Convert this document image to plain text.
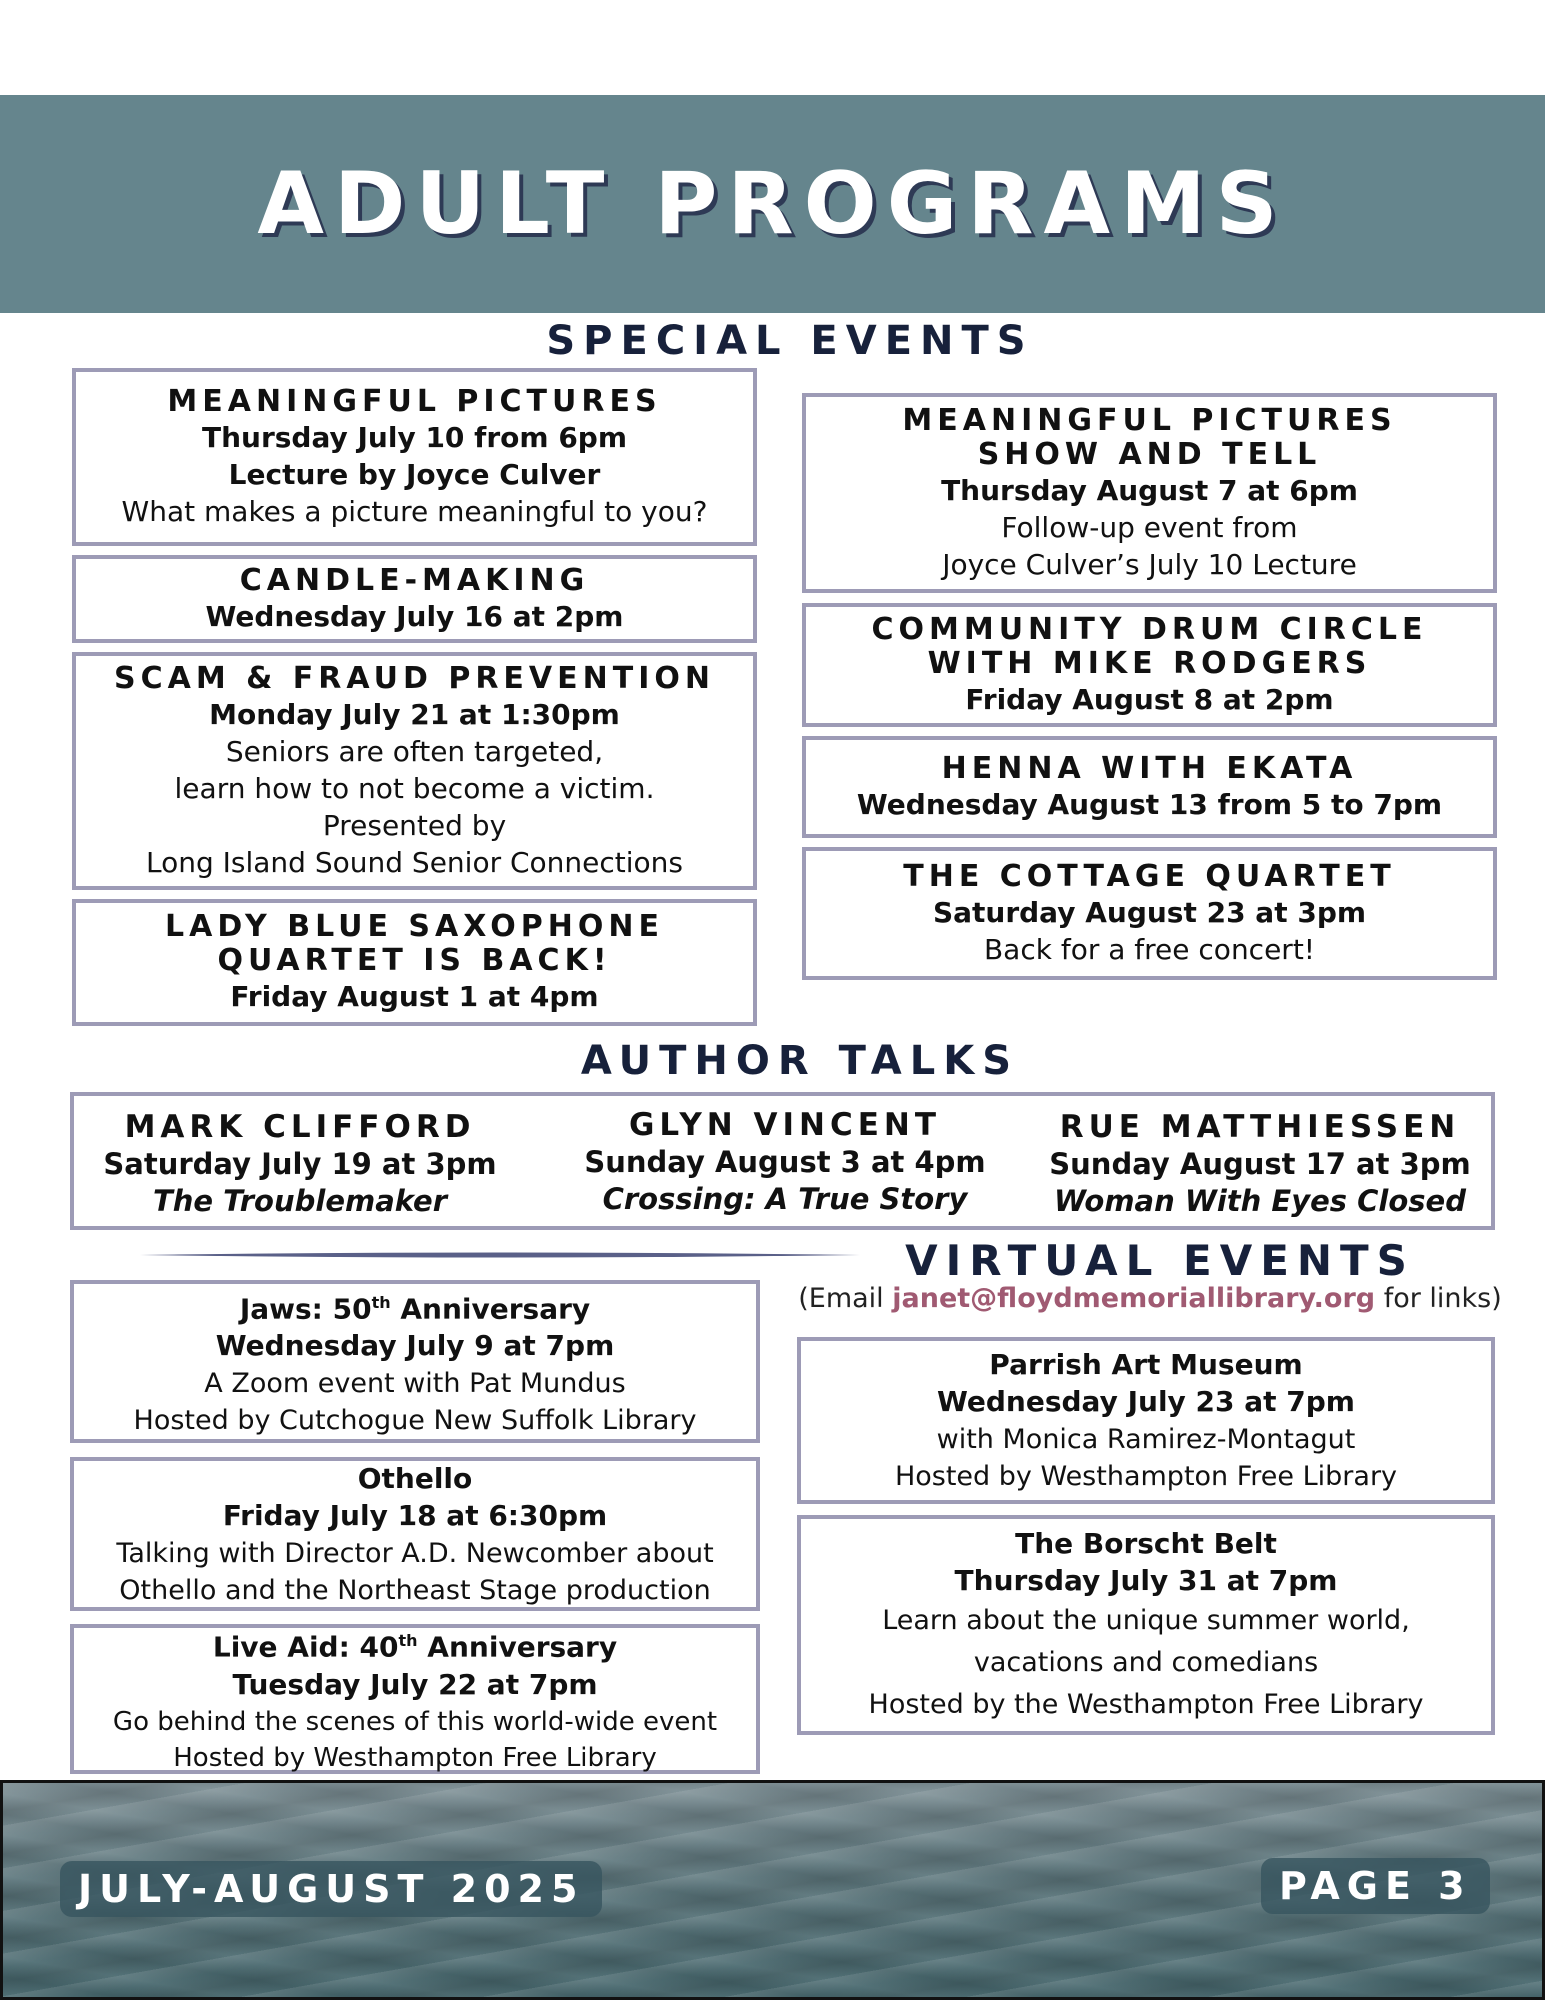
ADULT PROGRAMS
SPECIAL EVENTS
MEANINGFUL PICTURES
Thursday July 10 from 6pm
Lecture by Joyce Culver
What makes a picture meaningful to you?
CANDLE-MAKING
Wednesday July 16 at 2pm
SCAM & FRAUD PREVENTION
Monday July 21 at 1:30pm
Seniors are often targeted,
learn how to not become a victim.
Presented by
Long Island Sound Senior Connections
LADY BLUE SAXOPHONE
QUARTET IS BACK!
Friday August 1 at 4pm
MEANINGFUL PICTURES
SHOW AND TELL
Thursday August 7 at 6pm
Follow-up event from
Joyce Culver’s July 10 Lecture
COMMUNITY DRUM CIRCLE
WITH MIKE RODGERS
Friday August 8 at 2pm
HENNA WITH EKATA
Wednesday August 13 from 5 to 7pm
THE COTTAGE QUARTET
Saturday August 23 at 3pm
Back for a free concert!
AUTHOR TALKS
MARK CLIFFORD
Saturday July 19 at 3pm
The Troublemaker
GLYN VINCENT
Sunday August 3 at 4pm
Crossing: A True Story
RUE MATTHIESSEN
Sunday August 17 at 3pm
Woman With Eyes Closed
VIRTUAL EVENTS
(Email janet@floydmemoriallibrary.org for links)
Jaws: 50th Anniversary
Wednesday July 9 at 7pm
A Zoom event with Pat Mundus
Hosted by Cutchogue New Suffolk Library
Othello
Friday July 18 at 6:30pm
Talking with Director A.D. Newcomber about
Othello and the Northeast Stage production
Live Aid: 40th Anniversary
Tuesday July 22 at 7pm
Go behind the scenes of this world-wide event
Hosted by Westhampton Free Library
Parrish Art Museum
Wednesday July 23 at 7pm
with Monica Ramirez-Montagut
Hosted by Westhampton Free Library
The Borscht Belt
Thursday July 31 at 7pm
Learn about the unique summer world,
vacations and comedians
Hosted by the Westhampton Free Library
JULY-AUGUST 2025	PAGE 3
